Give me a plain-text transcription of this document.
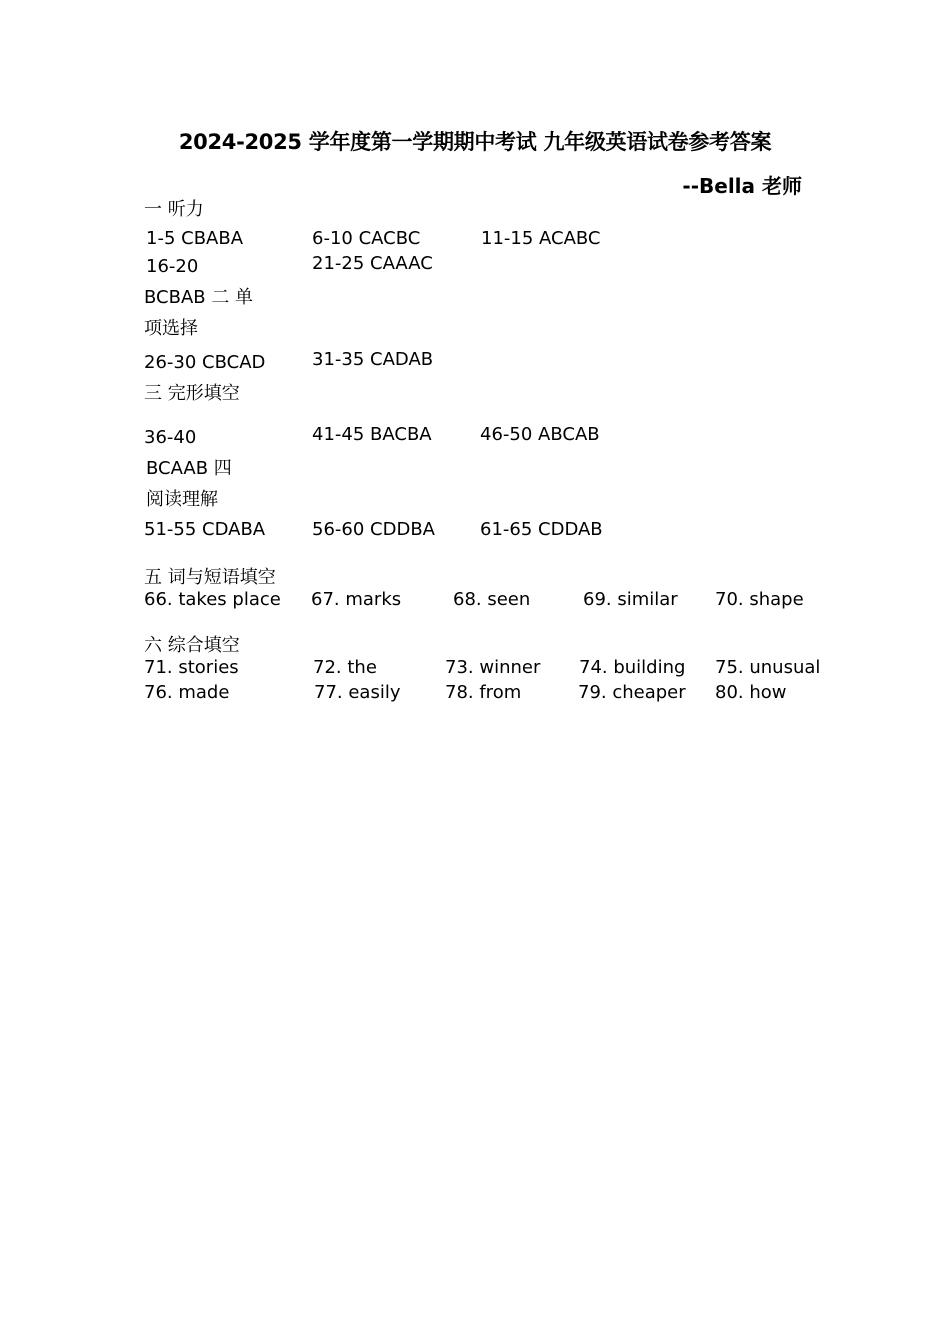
2024-2025 学年度第一学期期中考试 九年级英语试卷参考答案
--Bella 老师
一 听力
1-5 CBABA	6-10 CACBC	11-15 ACABC
16-20	21-25 CAAAC
BCBAB 二 单
项选择
26-30 CBCAD	31-35 CADAB
三 完形填空
36-40	41-45 BACBA	46-50 ABCAB
BCAAB 四
阅读理解
51-55 CDABA	56-60 CDDBA	61-65 CDDAB
五 词与短语填空
66. takes place 67. marks	68. seen	69. similar 70. shape
六 综合填空
71. stories	72. the	73. winner 74. building 75. unusual
76. made	77. easily 78. from	79. cheaper 80. how
